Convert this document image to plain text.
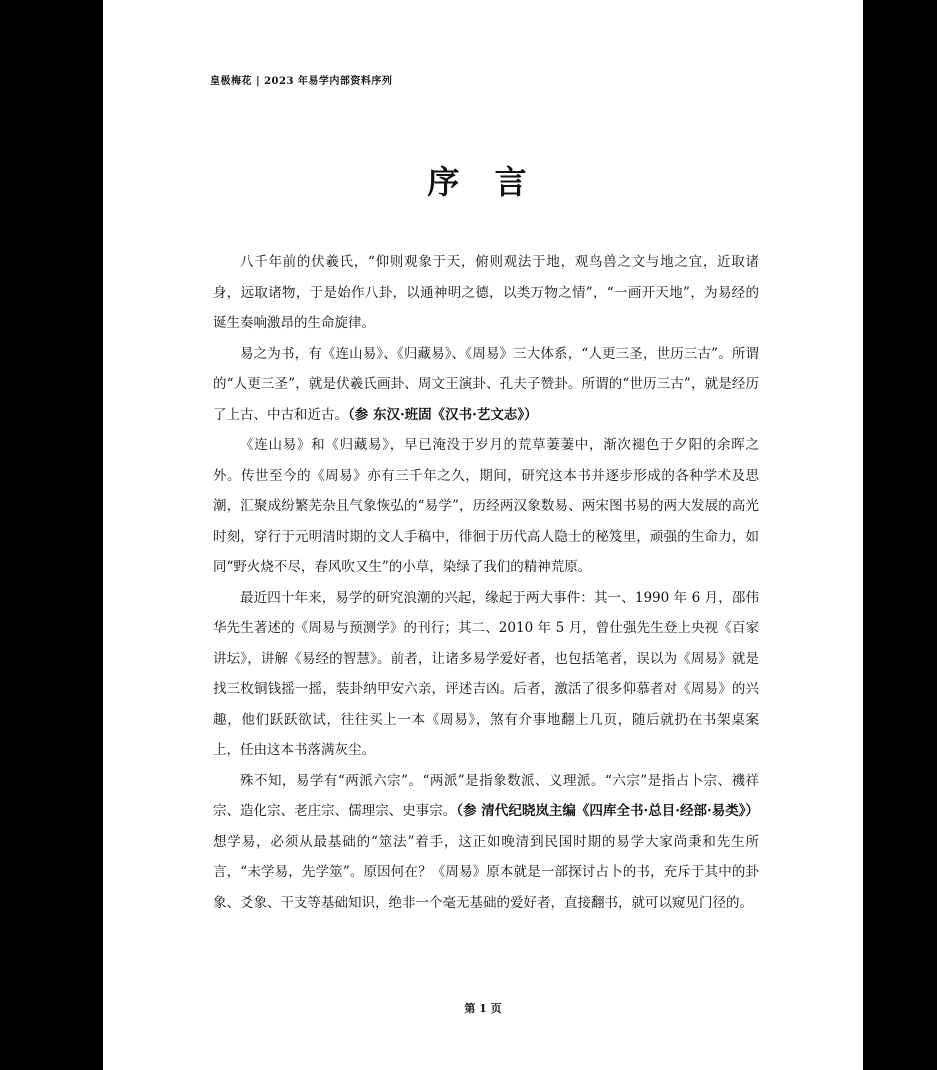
皇极梅花 | 2023 年易学内部资料序列
序 言

八千年前的伏羲氏，“仰则观象于天，俯则观法于地，观鸟兽之文与地之宜，近取诸身，远取诸物，于是始作八卦，以通神明之德，以类万物之情”，“一画开天地”，为易经的诞生奏响激昂的生命旋律。

易之为书，有《连山易》、《归藏易》、《周易》三大体系，“人更三圣，世历三古”。所谓的“人更三圣”，就是伏羲氏画卦、周文王演卦、孔夫子赞卦。所谓的“世历三古”，就是经历了上古、中古和近古。（参 东汉·班固《汉书·艺文志》）

《连山易》和《归藏易》，早已淹没于岁月的荒草萋萋中，渐次褪色于夕阳的余晖之外。传世至今的《周易》亦有三千年之久，期间，研究这本书并逐步形成的各种学术及思潮，汇聚成纷繁芜杂且气象恢弘的“易学”，历经两汉象数易、两宋图书易的两大发展的高光时刻，穿行于元明清时期的文人手稿中，徘徊于历代高人隐士的秘笈里，顽强的生命力，如同“野火烧不尽，春风吹又生”的小草，染绿了我们的精神荒原。

最近四十年来，易学的研究浪潮的兴起，缘起于两大事件：其一、1990 年 6 月，邵伟华先生著述的《周易与预测学》的刊行；其二、2010 年 5 月，曾仕强先生登上央视《百家讲坛》，讲解《易经的智慧》。前者，让诸多易学爱好者，也包括笔者，误以为《周易》就是找三枚铜钱摇一摇，装卦纳甲安六亲，评述吉凶。后者，激活了很多仰慕者对《周易》的兴趣，他们跃跃欲试，往往买上一本《周易》，煞有介事地翻上几页，随后就扔在书架桌案上，任由这本书落满灰尘。

殊不知，易学有“两派六宗”。“两派”是指象数派、义理派。“六宗”是指占卜宗、禨祥宗、造化宗、老庄宗、儒理宗、史事宗。（参 清代纪晓岚主编《四库全书·总目·经部·易类》）想学易，必须从最基础的“筮法”着手，这正如晚清到民国时期的易学大家尚秉和先生所言，“未学易，先学筮”。原因何在？《周易》原本就是一部探讨占卜的书，充斥于其中的卦象、爻象、干支等基础知识，绝非一个毫无基础的爱好者，直接翻书，就可以窥见门径的。

第 1 页
